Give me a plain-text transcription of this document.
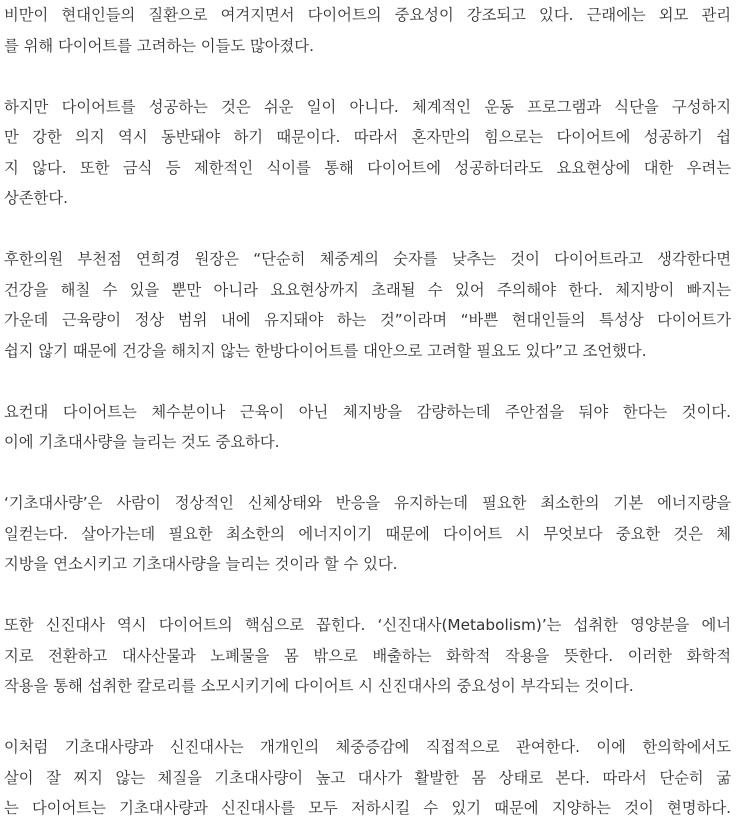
비만이 현대인들의 질환으로 여겨지면서 다이어트의 중요성이 강조되고 있다. 근래에는 외모 관리
를 위해 다이어트를 고려하는 이들도 많아졌다.

하지만 다이어트를 성공하는 것은 쉬운 일이 아니다. 체계적인 운동 프로그램과 식단을 구성하지
만 강한 의지 역시 동반돼야 하기 때문이다. 따라서 혼자만의 힘으로는 다이어트에 성공하기 쉽
지 않다. 또한 금식 등 제한적인 식이를 통해 다이어트에 성공하더라도 요요현상에 대한 우려는
상존한다.

후한의원 부천점 연희경 원장은 “단순히 체중계의 숫자를 낮추는 것이 다이어트라고 생각한다면
건강을 해칠 수 있을 뿐만 아니라 요요현상까지 초래될 수 있어 주의해야 한다. 체지방이 빠지는
가운데 근육량이 정상 범위 내에 유지돼야 하는 것”이라며 “바쁜 현대인들의 특성상 다이어트가
쉽지 않기 때문에 건강을 해치지 않는 한방다이어트를 대안으로 고려할 필요도 있다”고 조언했다.

요컨대 다이어트는 체수분이나 근육이 아닌 체지방을 감량하는데 주안점을 둬야 한다는 것이다.
이에 기초대사량을 늘리는 것도 중요하다.

‘기초대사량’은 사람이 정상적인 신체상태와 반응을 유지하는데 필요한 최소한의 기본 에너지량을
일컫는다. 살아가는데 필요한 최소한의 에너지이기 때문에 다이어트 시 무엇보다 중요한 것은 체
지방을 연소시키고 기초대사량을 늘리는 것이라 할 수 있다.

또한 신진대사 역시 다이어트의 핵심으로 꼽힌다. ‘신진대사(Metabolism)’는 섭취한 영양분을 에너
지로 전환하고 대사산물과 노폐물을 몸 밖으로 배출하는 화학적 작용을 뜻한다. 이러한 화학적
작용을 통해 섭취한 칼로리를 소모시키기에 다이어트 시 신진대사의 중요성이 부각되는 것이다.

이처럼 기초대사량과 신진대사는 개개인의 체중증감에 직접적으로 관여한다. 이에 한의학에서도
살이 잘 찌지 않는 체질을 기초대사량이 높고 대사가 활발한 몸 상태로 본다. 따라서 단순히 굶
는 다이어트는 기초대사량과 신진대사를 모두 저하시킬 수 있기 때문에 지양하는 것이 현명하다.
